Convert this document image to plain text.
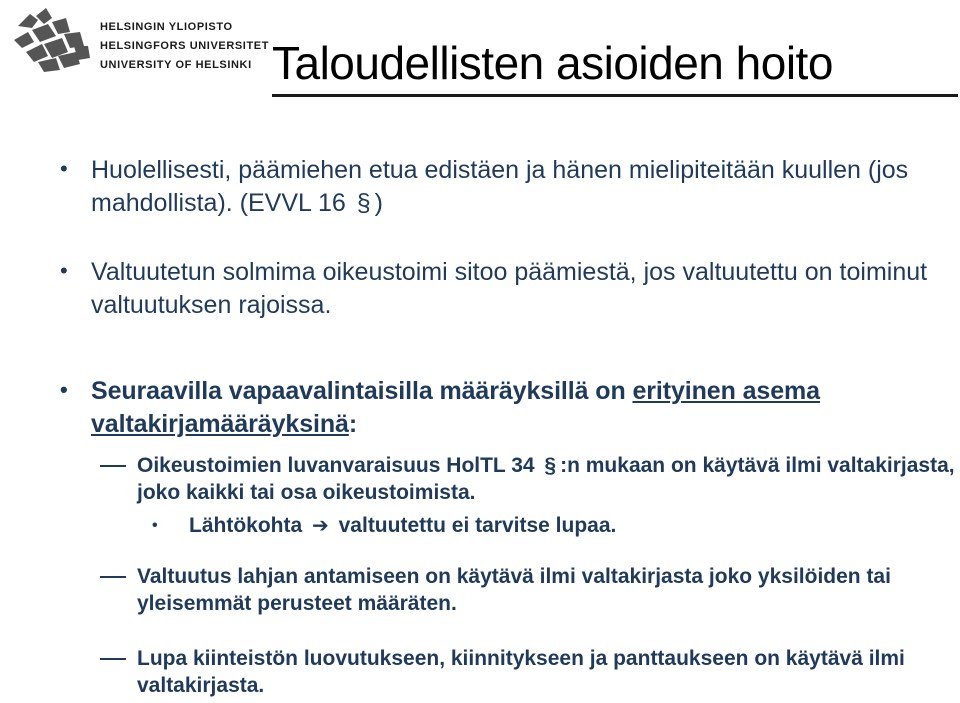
HELSINGIN YLIOPISTO
HELSINGFORS UNIVERSITET
UNIVERSITY OF HELSINKI Taloudellisten asioiden hoito
• Huolellisesti, päämiehen etua edistäen ja hänen mielipiteitään kuullen (jos mahdollista). (EVVL 16 § )
• Valtuutetun solmima oikeustoimi sitoo päämiestä, jos valtuutettu on toiminut valtuutuksen rajoissa.
• Seuraavilla vapaavalintaisilla määräyksillä on erityinen asema valtakirjamääräyksinä:
Oikeustoimien luvanvaraisuus HolTL 34 § :n mukaan on käytävä ilmi valtakirjasta, joko kaikki tai osa oikeustoimista.
• Lähtökohta ➔ valtuutettu ei tarvitse lupaa.
Valtuutus lahjan antamiseen on käytävä ilmi valtakirjasta joko yksilöiden tai yleisemmät perusteet määräten.
Lupa kiinteistön luovutukseen, kiinnitykseen ja panttaukseen on käytävä ilmi valtakirjasta.
